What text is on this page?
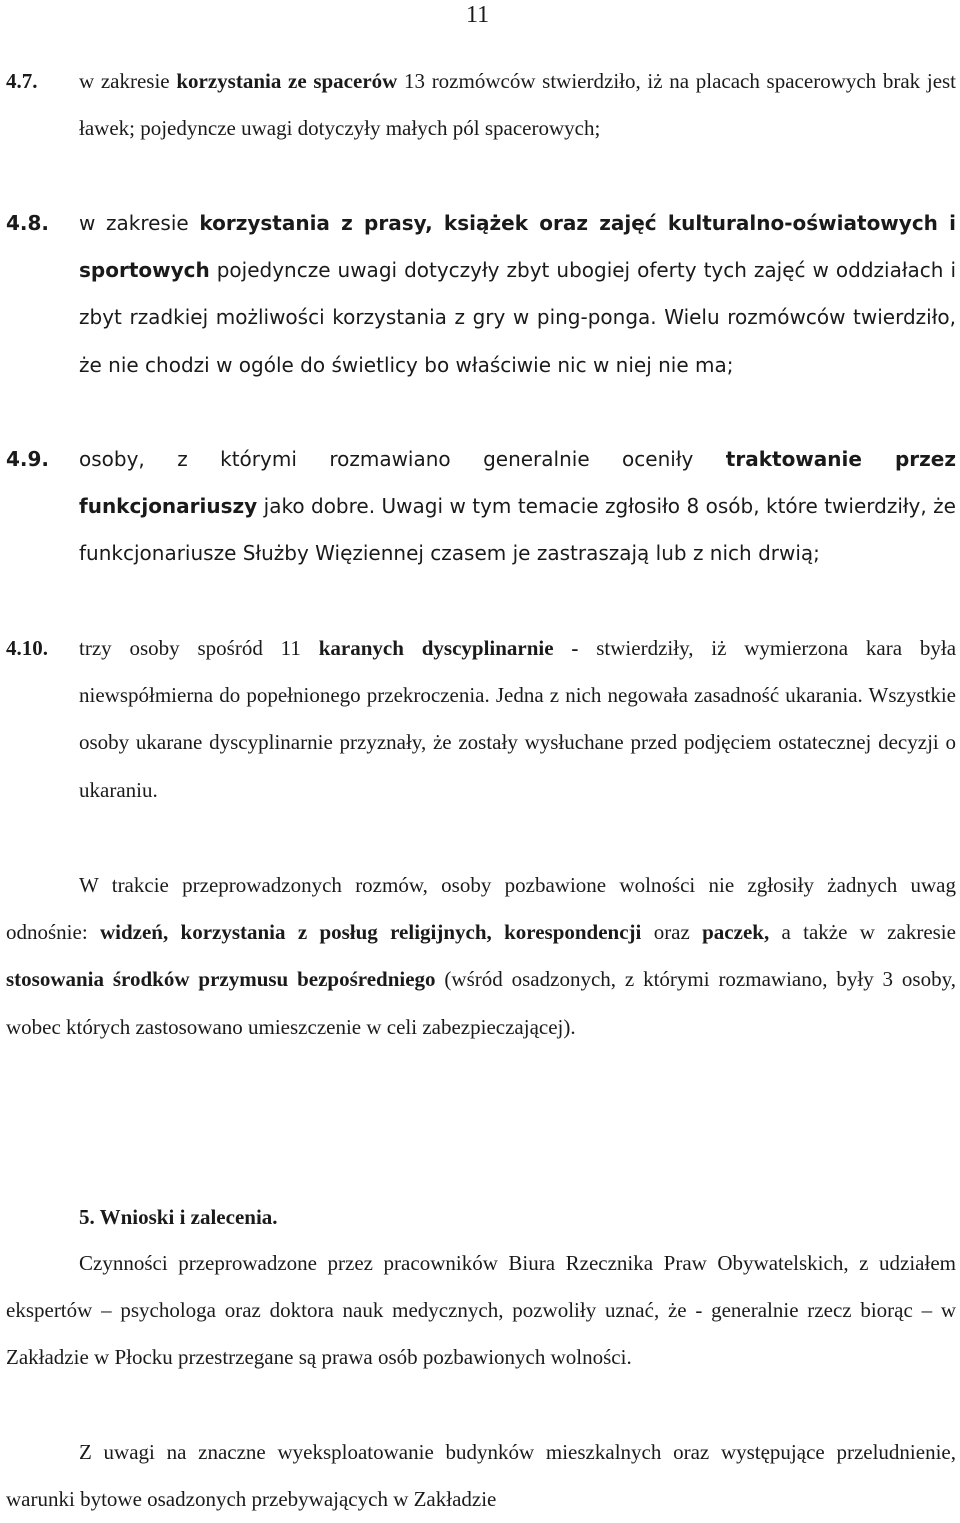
11
4.7. w zakresie korzystania ze spacerów 13 rozmówców stwierdziło, iż na placach spacerowych brak jest ławek; pojedyncze uwagi dotyczyły małych pól spacerowych;
4.8. w zakresie korzystania z prasy, książek oraz zajęć kulturalno-oświatowych i sportowych pojedyncze uwagi dotyczyły zbyt ubogiej oferty tych zajęć w oddziałach i zbyt rzadkiej możliwości korzystania z gry w ping-ponga. Wielu rozmówców twierdziło, że nie chodzi w ogóle do świetlicy bo właściwie nic w niej nie ma;
4.9. osoby, z którymi rozmawiano generalnie oceniły traktowanie przez funkcjonariuszy jako dobre. Uwagi w tym temacie zgłosiło 8 osób, które twierdziły, że funkcjonariusze Służby Więziennej czasem je zastraszają lub z nich drwią;
4.10. trzy osoby spośród 11 karanych dyscyplinarnie - stwierdziły, iż wymierzona kara była niewspółmierna do popełnionego przekroczenia. Jedna z nich negowała zasadność ukarania. Wszystkie osoby ukarane dyscyplinarnie przyznały, że zostały wysłuchane przed podjęciem ostatecznej decyzji o ukaraniu.
W trakcie przeprowadzonych rozmów, osoby pozbawione wolności nie zgłosiły żadnych uwag odnośnie: widzeń, korzystania z posług religijnych, korespondencji oraz paczek, a także w zakresie stosowania środków przymusu bezpośredniego (wśród osadzonych, z którymi rozmawiano, były 3 osoby, wobec których zastosowano umieszczenie w celi zabezpieczającej).
5. Wnioski i zalecenia.
Czynności przeprowadzone przez pracowników Biura Rzecznika Praw Obywatelskich, z udziałem ekspertów – psychologa oraz doktora nauk medycznych, pozwoliły uznać, że - generalnie rzecz biorąc – w Zakładzie w Płocku przestrzegane są prawa osób pozbawionych wolności.
Z uwagi na znaczne wyeksploatowanie budynków mieszkalnych oraz występujące przeludnienie, warunki bytowe osadzonych przebywających w Zakładzie
